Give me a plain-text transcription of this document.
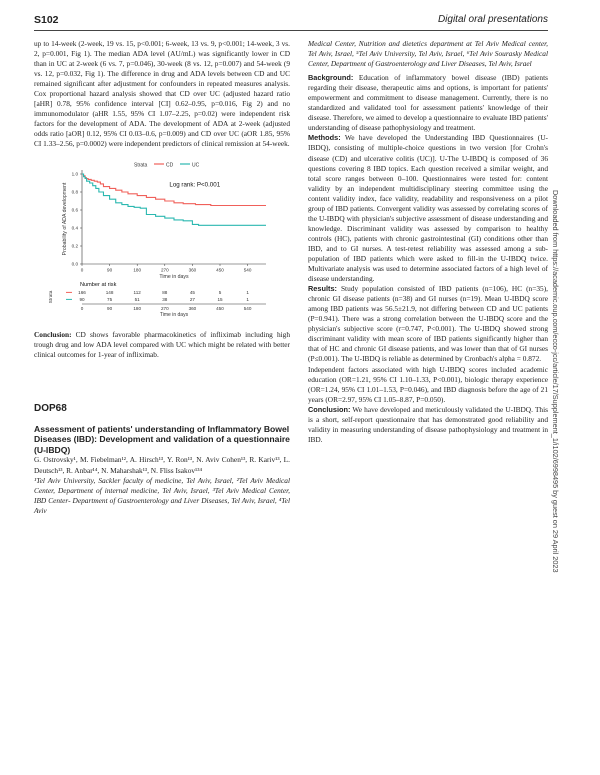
S102	Digital oral presentations

up to 14-week (2-week, 19 vs. 15, p<0.001; 6-week, 13 vs. 9, p<0.001; 14-week, 3 vs. 2, p=0.001, Fig 1). The median ADA level (AU/mL) was significantly lower in CD than in UC at 2-week (6 vs. 7, p=0.046), 30-week (8 vs. 12, p=0.007) and 54-week (9 vs. 12, p=0.032, Fig 1). The difference in drug and ADA levels between CD and UC remained significant after adjustment for confounders in repeated measures analysis. Cox proportional hazard analysis showed that CD over UC (adjusted hazard ratio [aHR] 0.78, 95% confidence interval [CI] 0.62–0.95, p=0.016, Fig 2) and no immunomodulator (aHR 1.55, 95% CI 1.07–2.25, p=0.02) were independent risk factors for the development of ADA. The development of ADA at 2-week (adjusted odds ratio [aOR] 0.12, 95% CI 0.03–0.6, p=0.009) and CD over UC (aOR 1.85, 95% CI 1.33–2.56, p=0.0002) were independent predictors of clinical remission at 54-week.

Strata	CD	UC
0.0
0.2
0.4
0.6
0.8
1.0
0	90	180	270	360	450	540
Probability of ADA development
Time in days
Log rank: P<0.001
Number at risk
166	148	112	88	45	5	1
90	75	51	38	27	15	1
Strata
0	90	180	270	360	450	540
Time in days

Conclusion: CD shows favorable pharmacokinetics of infliximab including high trough drug and low ADA level compared with UC which might be related with better clinical outcomes for 1-year of infliximab.

DOP68
Assessment of patients' understanding of Inflammatory Bowel Diseases (IBD): Development and validation of a questionnaire (U-IBDQ)

G. Ostrovsky¹, M. Fiebelman¹², A. Hirsch¹³, Y. Ron¹³, N. Aviv Cohen¹³, R. Kariv¹³, L. Deutsch¹³, R. Anbar¹⁴, N. Maharshak¹³, N. Fliss Isakov¹³⁴

¹Tel Aviv University, Sackler faculty of medicine, Tel Aviv, Israel, ²Tel Aviv Medical Center, Department of internal medicine, Tel Aviv, Israel, ³Tel Aviv Medical Center, IBD Center- Department of Gastroenterology and Liver Diseases, Tel Aviv, Israel, ⁴Tel Aviv

Medical Center, Nutrition and dietetics department at Tel Aviv Medical center, Tel Aviv, Israel, ⁵Tel Aviv University, Tel Aviv, Israel, ⁶Tel Aviv Sourasky Medical Center, Department of Gastroenterology and Liver Diseases, Tel Aviv, Israel

Background: Education of inflammatory bowel disease (IBD) patients regarding their disease, therapeutic aims and options, is important for patients' empowerment and commitment to disease management. Currently, there is no standardized and validated tool for assessment patients' knowledge of their disease. Therefore, we aimed to develop a questionnaire to evaluate IBD patients' understanding of disease pathophysiology and treatment.

Methods: We have developed the Understanding IBD Questionnaires (U-IBDQ), consisting of multiple-choice questions in two version [for Crohn's disease (CD) and ulcerative colitis (UC)]. U-The U-IBDQ is composed of 36 questions covering 8 IBD topics. Each question received a similar weight, and total score ranges between 0–100. Questionnaires were tested for: content validity by an independent multidisciplinary steering committee using the content validity index, face validity, readability and responsiveness on a pilot group of IBD patients. Convergent validity was assessed by correlating scores of the U-IBDQ with physician's subjective assessment of disease understanding and knowledge. Discriminant validity was assessed by comparison to healthy controls (HC), patients with chronic gastrointestinal (GI) conditions other than IBD, and to GI nurses. A test-retest reliability was assessed among a sub-population of IBD patients which were asked to fill-in the U-IBDQ twice. Multivariate analysis was used to determine associated factors of a high level of disease understanding.

Results: Study population consisted of IBD patients (n=106), HC (n=35), chronic GI disease patients (n=38) and GI nurses (n=19). Mean U-IBDQ score among IBD patients was 56.5±21.9, not differing between CD and UC patients (P=0.941). There was a strong correlation between the U-IBDQ score and the physician's subjective score (r=0.747, P<0.001). The U-IBDQ showed strong discriminant validity with mean score of IBD patients significantly higher than that of HC and chronic GI disease patients, and was lower than that of GI nurses (P≤0.001). The U-IBDQ is reliable as determined by Cronbach's alpha = 0.872.

Independent factors associated with high U-IBDQ scores included academic education (OR=1.21, 95% CI 1.10–1.33, P<0.001), biologic therapy experience (OR=1.24, 95% CI 1.01–1.53, P=0.046), and IBD diagnosis before the age of 21 years (OR=2.97, 95% CI 1.05–8.87, P=0.050).

Conclusion: We have developed and meticulously validated the U-IBDQ. This is a short, self-report questionnaire that has demonstrated good reliability and validity in measuring understanding of disease pathophysiology and treatment in IBD.	Downloaded from https://academic.oup.com/ecco-jcc/article/17/Supplement_1/i102/6998495 by guest on 29 April 2023
